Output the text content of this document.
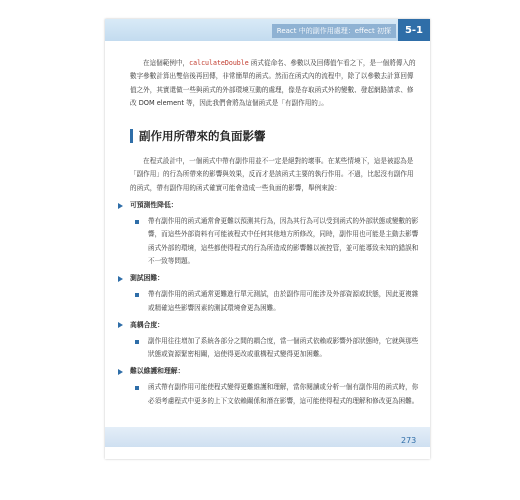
React 中的副作用處理：effect 初探	5-1

在這個範例中，calculateDouble 函式從命名、參數以及回傳值乍看之下，是一個將傳入的數字參數計算出雙倍後再回傳，非常簡單的函式。然而在函式內的流程中，除了以參數去計算回傳值之外，其實還做一些與函式的外部環境互動的處理，像是存取函式外的變數、發起網路請求、修改 DOM element 等，因此我們會將為這個函式是「有副作用的」。

副作用所帶來的負面影響

在程式設計中，一個函式中帶有副作用並不一定是絕對的壞事。在某些情境下，這是被認為是「副作用」的行為所帶來的影響與效果，反而才是該函式主要的執行作用。不過，比起沒有副作用的函式，帶有副作用的函式確實可能會造成一些負面的影響，舉例來說：

可預測性降低：

帶有副作用的函式通常會更難以預測其行為，因為其行為可以受到函式的外部狀態或變數的影響，而這些外部資料有可能被程式中任何其他地方所修改，同時，副作用也可能是主動去影響函式外部的環境，這些都使得程式的行為所造成的影響難以被控管，並可能導致未知的錯誤和不一致等問題。

測試困難：

帶有副作用的函式通常更難進行單元測試，由於副作用可能涉及外部資源或狀態，因此更複雜或精確這些影響因素的測試環境會更為困難。

高耦合度：

副作用往往增加了系統各部分之間的耦合度，當一個函式依賴或影響外部狀態時，它就與那些狀態或資源緊密相關，這使得更改或重構程式變得更加困難。

難以維護和理解：

函式帶有副作用可能使程式變得更難維護和理解，當你閱讀或分析一個有副作用的函式時，你必須考慮程式中更多的上下文依賴關係和潛在影響，這可能使得程式的理解和修改更為困難。

273
